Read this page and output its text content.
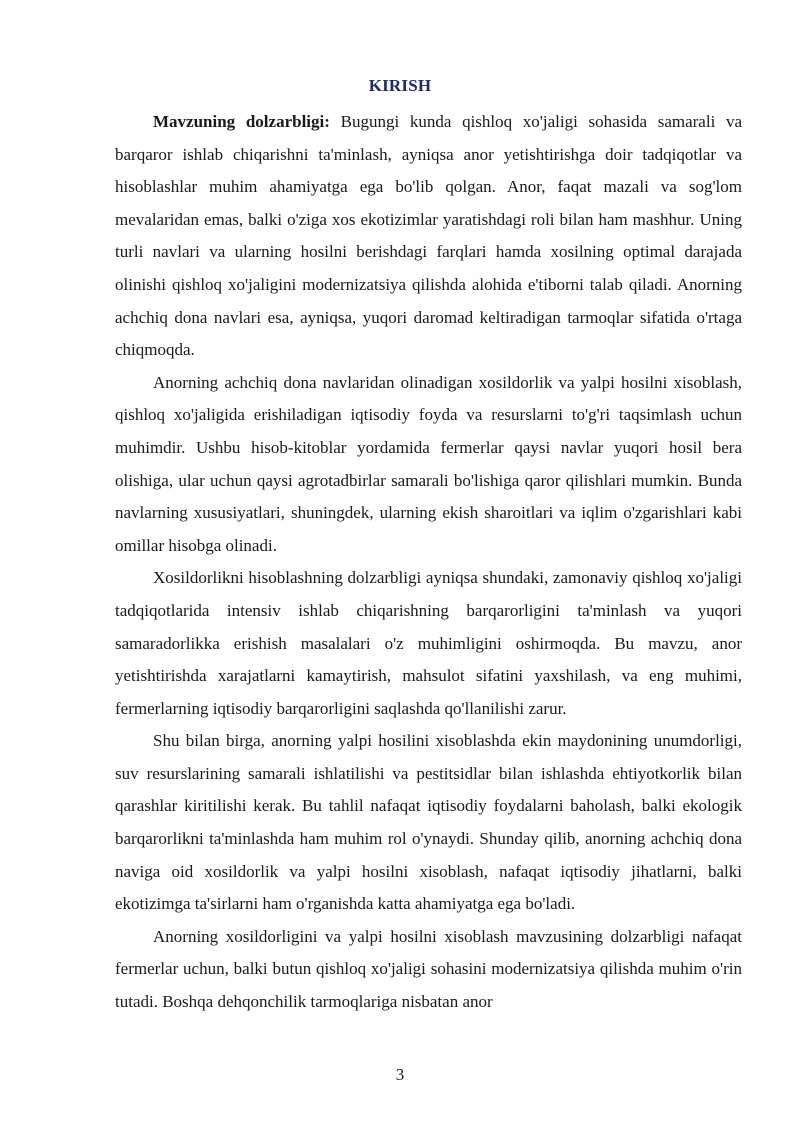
KIRISH

Mavzuning dolzarbligi: Bugungi kunda qishloq xo'jaligi sohasida samarali va barqaror ishlab chiqarishni ta'minlash, ayniqsa anor yetishtirishga doir tadqiqotlar va hisoblashlar muhim ahamiyatga ega bo'lib qolgan. Anor, faqat mazali va sog'lom mevalaridan emas, balki o'ziga xos ekotizimlar yaratishdagi roli bilan ham mashhur. Uning turli navlari va ularning hosilni berishdagi farqlari hamda xosilning optimal darajada olinishi qishloq xo'jaligini modernizatsiya qilishda alohida e'tiborni talab qiladi. Anorning achchiq dona navlari esa, ayniqsa, yuqori daromad keltiradigan tarmoqlar sifatida o'rtaga chiqmoqda.

Anorning achchiq dona navlaridan olinadigan xosildorlik va yalpi hosilni xisoblash, qishloq xo'jaligida erishiladigan iqtisodiy foyda va resurslarni to'g'ri taqsimlash uchun muhimdir. Ushbu hisob-kitoblar yordamida fermerlar qaysi navlar yuqori hosil bera olishiga, ular uchun qaysi agrotadbirlar samarali bo'lishiga qaror qilishlari mumkin. Bunda navlarning xususiyatlari, shuningdek, ularning ekish sharoitlari va iqlim o'zgarishlari kabi omillar hisobga olinadi.

Xosildorlikni hisoblashning dolzarbligi ayniqsa shundaki, zamonaviy qishloq xo'jaligi tadqiqotlarida intensiv ishlab chiqarishning barqarorligini ta'minlash va yuqori samaradorlikka erishish masalalari o'z muhimligini oshirmoqda. Bu mavzu, anor yetishtirishda xarajatlarni kamaytirish, mahsulot sifatini yaxshilash, va eng muhimi, fermerlarning iqtisodiy barqarorligini saqlashda qo'llanilishi zarur.

Shu bilan birga, anorning yalpi hosilini xisoblashda ekin maydonining unumdorligi, suv resurslarining samarali ishlatilishi va pestitsidlar bilan ishlashda ehtiyotkorlik bilan qarashlar kiritilishi kerak. Bu tahlil nafaqat iqtisodiy foydalarni baholash, balki ekologik barqarorlikni ta'minlashda ham muhim rol o'ynaydi. Shunday qilib, anorning achchiq dona naviga oid xosildorlik va yalpi hosilni xisoblash, nafaqat iqtisodiy jihatlarni, balki ekotizimga ta'sirlarni ham o'rganishda katta ahamiyatga ega bo'ladi.

Anorning xosildorligini va yalpi hosilni xisoblash mavzusining dolzarbligi nafaqat fermerlar uchun, balki butun qishloq xo'jaligi sohasini modernizatsiya qilishda muhim o'rin tutadi. Boshqa dehqonchilik tarmoqlariga nisbatan anor

3
